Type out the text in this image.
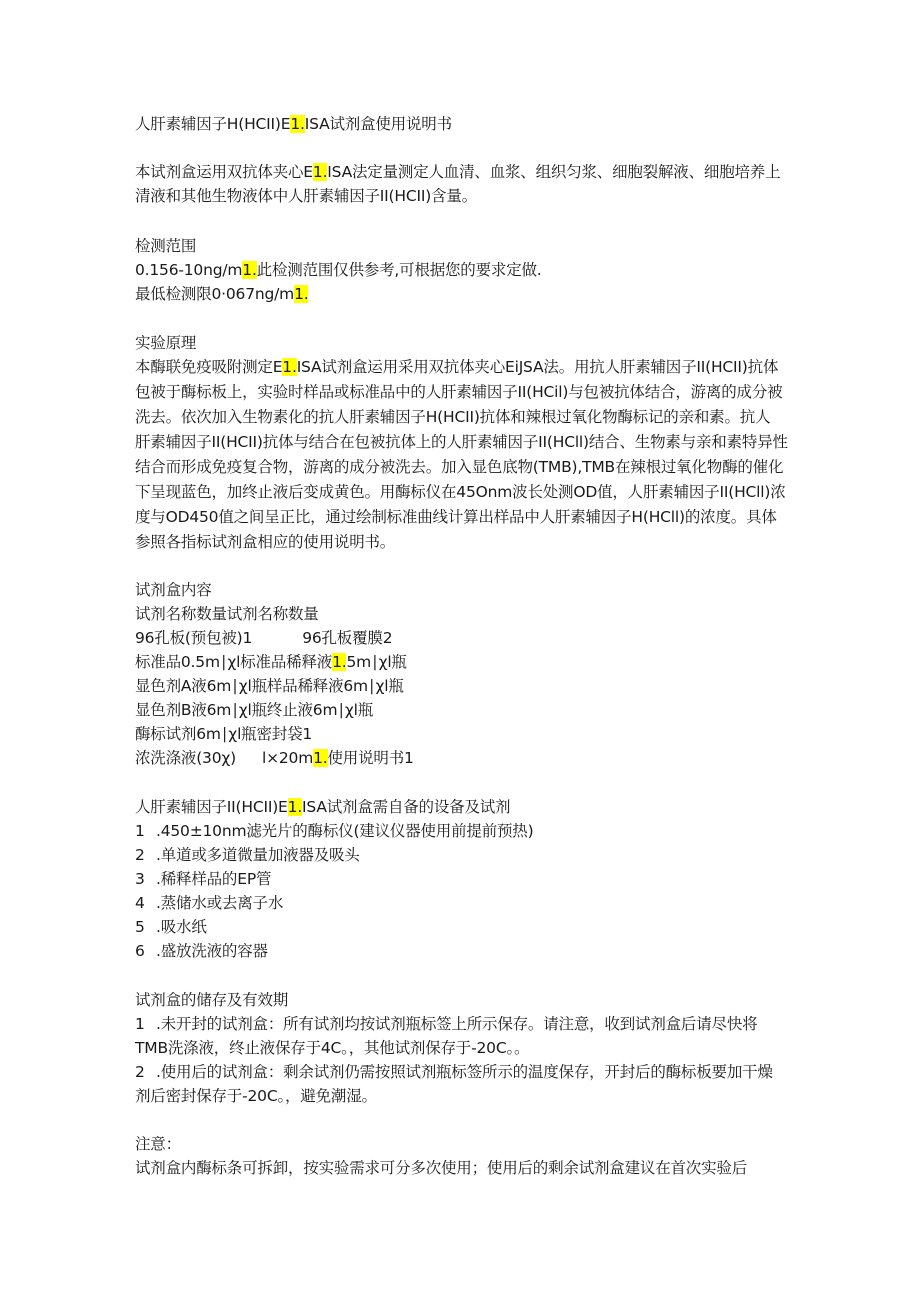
人肝素辅因子H(HCII)E1.ISA试剂盒使用说明书
本试剂盒运用双抗体夹心E1.ISA法定量测定人血清、血浆、组织匀浆、细胞裂解液、细胞培养上
清液和其他生物液体中人肝素辅因子II(HCII)含量。
检测范围
0.156-10ng/m1.此检测范围仅供参考,可根据您的要求定做.
最低检测限0·067ng/m1.
实验原理
本酶联免疫吸附测定E1.ISA试剂盒运用采用双抗体夹心EiJSA法。用抗人肝素辅因子II(HCII)抗体
包被于酶标板上，实验时样品或标准品中的人肝素辅因子II(HCil)与包被抗体结合，游离的成分被
洗去。依次加入生物素化的抗人肝素辅因子H(HCII)抗体和辣根过氧化物酶标记的亲和素。抗人
肝素辅因子II(HCII)抗体与结合在包被抗体上的人肝素辅因子II(HCll)结合、生物素与亲和素特异性
结合而形成免疫复合物，游离的成分被洗去。加入显色底物(TMB),TMB在辣根过氧化物酶的催化
下呈现蓝色，加终止液后变成黄色。用酶标仪在45Onm波长处测OD值，人肝素辅因子II(HCll)浓
度与OD450值之间呈正比，通过绘制标准曲线计算出样品中人肝素辅因子H(HCll)的浓度。具体
参照各指标试剂盒相应的使用说明书。
试剂盒内容
试剂名称数量试剂名称数量
96孔板(预包被)1	96孔板覆膜2
标准品0.5m∣χl标准品稀释液1.5m∣χl瓶
显色剂A液6m∣χl瓶样品稀释液6m∣χl瓶
显色剂B液6m∣χl瓶终止液6m∣χl瓶
酶标试剂6m∣χl瓶密封袋1
浓洗涤液(30χ) l×20m1.使用说明书1
人肝素辅因子II(HCII)E1.ISA试剂盒需自备的设备及试剂
1 .450±10nm滤光片的酶标仪(建议仪器使用前提前预热)
2 .单道或多道微量加液器及吸头
3 .稀释样品的EP管
4 .蒸储水或去离子水
5 .吸水纸
6 .盛放洗液的容器
试剂盒的储存及有效期
1 .未开封的试剂盒：所有试剂均按试剂瓶标签上所示保存。请注意，收到试剂盒后请尽快将
TMB洗涤液，终止液保存于4C。，其他试剂保存于-20C。。
2 .使用后的试剂盒：剩余试剂仍需按照试剂瓶标签所示的温度保存，开封后的酶标板要加干燥
剂后密封保存于-20C。，避免潮湿。
注意：
试剂盒内酶标条可拆卸，按实验需求可分多次使用；使用后的剩余试剂盒建议在首次实验后
